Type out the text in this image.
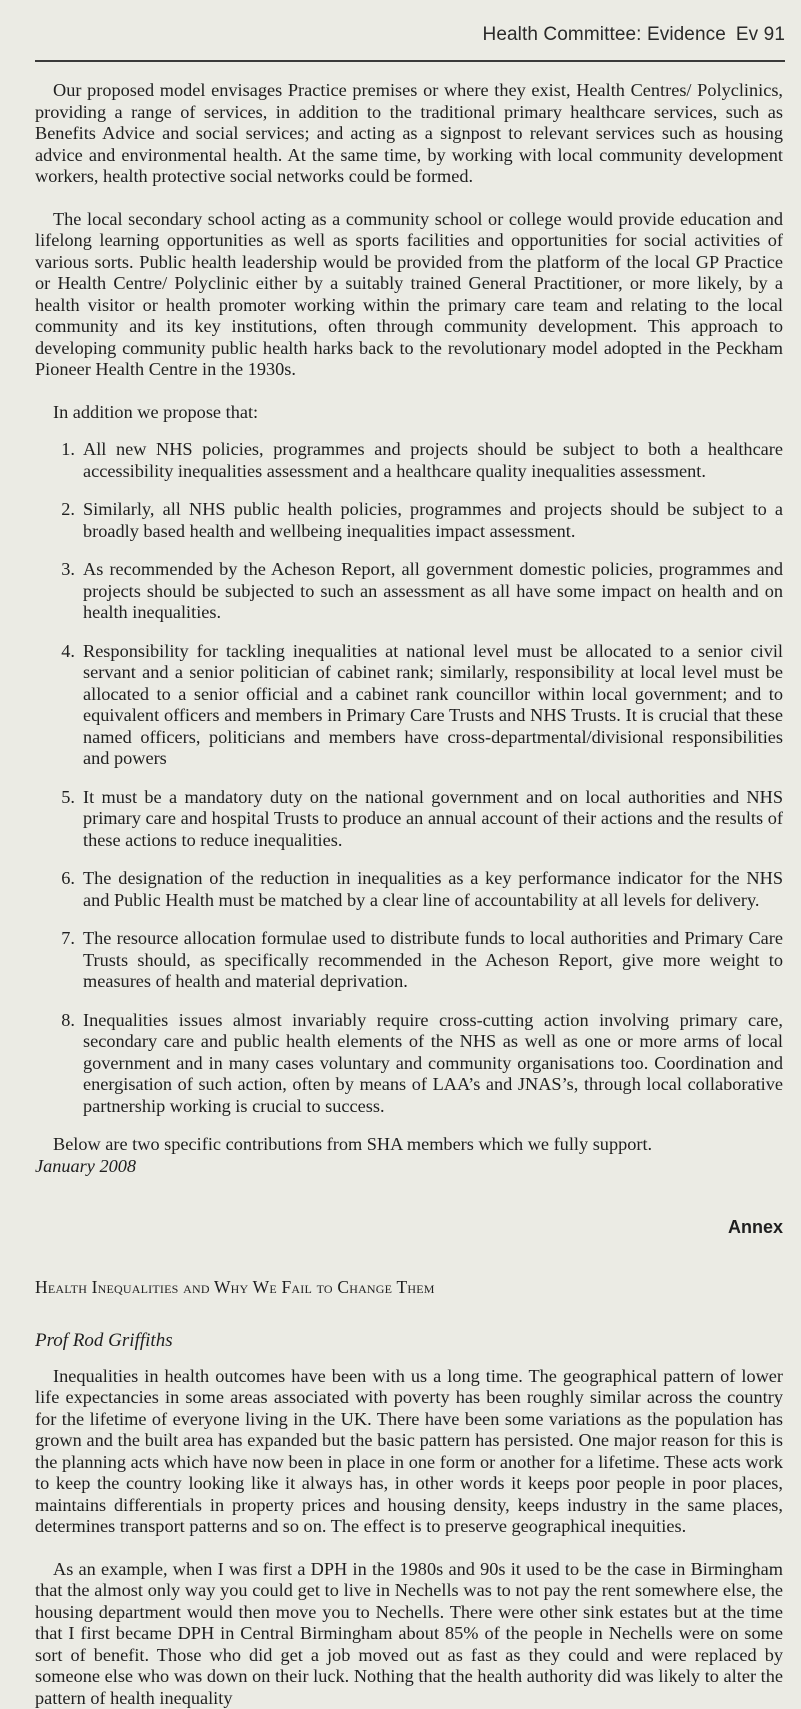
Health Committee: Evidence Ev 91

Our proposed model envisages Practice premises or where they exist, Health Centres/ Polyclinics, providing a range of services, in addition to the traditional primary healthcare services, such as Benefits Advice and social services; and acting as a signpost to relevant services such as housing advice and environmental health. At the same time, by working with local community development workers, health protective social networks could be formed.

The local secondary school acting as a community school or college would provide education and lifelong learning opportunities as well as sports facilities and opportunities for social activities of various sorts. Public health leadership would be provided from the platform of the local GP Practice or Health Centre/ Polyclinic either by a suitably trained General Practitioner, or more likely, by a health visitor or health promoter working within the primary care team and relating to the local community and its key institutions, often through community development. This approach to developing community public health harks back to the revolutionary model adopted in the Peckham Pioneer Health Centre in the 1930s.

In addition we propose that:

1. All new NHS policies, programmes and projects should be subject to both a healthcare accessibility inequalities assessment and a healthcare quality inequalities assessment.
2. Similarly, all NHS public health policies, programmes and projects should be subject to a broadly based health and wellbeing inequalities impact assessment.
3. As recommended by the Acheson Report, all government domestic policies, programmes and projects should be subjected to such an assessment as all have some impact on health and on health inequalities.
4. Responsibility for tackling inequalities at national level must be allocated to a senior civil servant and a senior politician of cabinet rank; similarly, responsibility at local level must be allocated to a senior official and a cabinet rank councillor within local government; and to equivalent officers and members in Primary Care Trusts and NHS Trusts. It is crucial that these named officers, politicians and members have cross-departmental/divisional responsibilities and powers
5. It must be a mandatory duty on the national government and on local authorities and NHS primary care and hospital Trusts to produce an annual account of their actions and the results of these actions to reduce inequalities.
6. The designation of the reduction in inequalities as a key performance indicator for the NHS and Public Health must be matched by a clear line of accountability at all levels for delivery.
7. The resource allocation formulae used to distribute funds to local authorities and Primary Care Trusts should, as specifically recommended in the Acheson Report, give more weight to measures of health and material deprivation.
8. Inequalities issues almost invariably require cross-cutting action involving primary care, secondary care and public health elements of the NHS as well as one or more arms of local government and in many cases voluntary and community organisations too. Coordination and energisation of such action, often by means of LAA’s and JNAS’s, through local collaborative partnership working is crucial to success.

Below are two specific contributions from SHA members which we fully support.

January 2008

Annex
Health Inequalities and Why We Fail to Change Them
Prof Rod Griffiths

Inequalities in health outcomes have been with us a long time. The geographical pattern of lower life expectancies in some areas associated with poverty has been roughly similar across the country for the lifetime of everyone living in the UK. There have been some variations as the population has grown and the built area has expanded but the basic pattern has persisted. One major reason for this is the planning acts which have now been in place in one form or another for a lifetime. These acts work to keep the country looking like it always has, in other words it keeps poor people in poor places, maintains differentials in property prices and housing density, keeps industry in the same places, determines transport patterns and so on. The effect is to preserve geographical inequities.

As an example, when I was first a DPH in the 1980s and 90s it used to be the case in Birmingham that the almost only way you could get to live in Nechells was to not pay the rent somewhere else, the housing department would then move you to Nechells. There were other sink estates but at the time that I first became DPH in Central Birmingham about 85% of the people in Nechells were on some sort of benefit. Those who did get a job moved out as fast as they could and were replaced by someone else who was down on their luck. Nothing that the health authority did was likely to alter the pattern of health inequality
